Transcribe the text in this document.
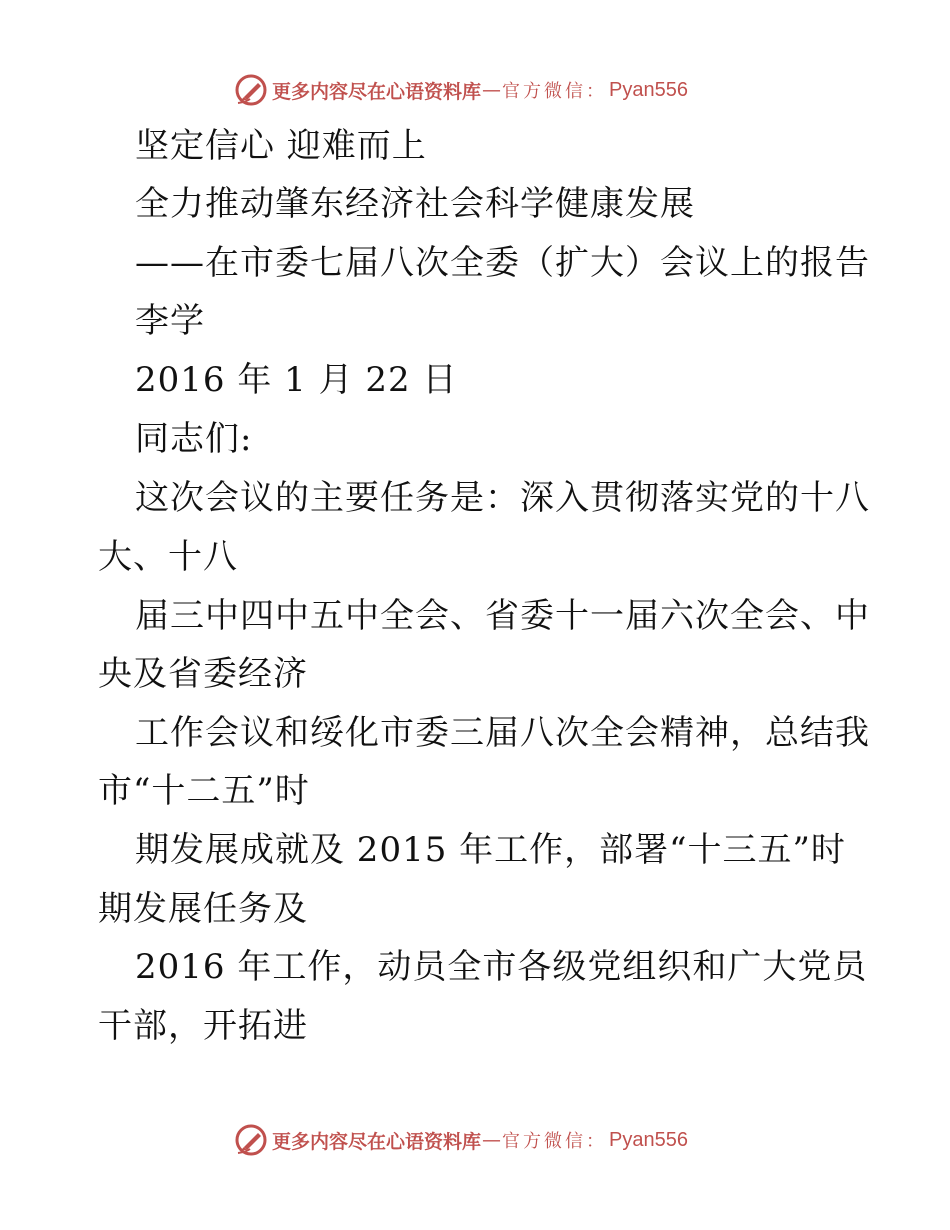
更多内容尽在心语资料库 — 官方微信： Pyan556
坚定信心 迎难而上
全力推动肇东经济社会科学健康发展
——在市委七届八次全委（扩大）会议上的报告
李学
2016 年 1 月 22 日
同志们:
这次会议的主要任务是：深入贯彻落实党的十八
大、十八
届三中四中五中全会、省委十一届六次全会、中
央及省委经济
工作会议和绥化市委三届八次全会精神，总结我
市“十二五”时
期发展成就及 2015 年工作，部署“十三五”时
期发展任务及
2016 年工作，动员全市各级党组织和广大党员
干部，开拓进
更多内容尽在心语资料库 — 官方微信： Pyan556
